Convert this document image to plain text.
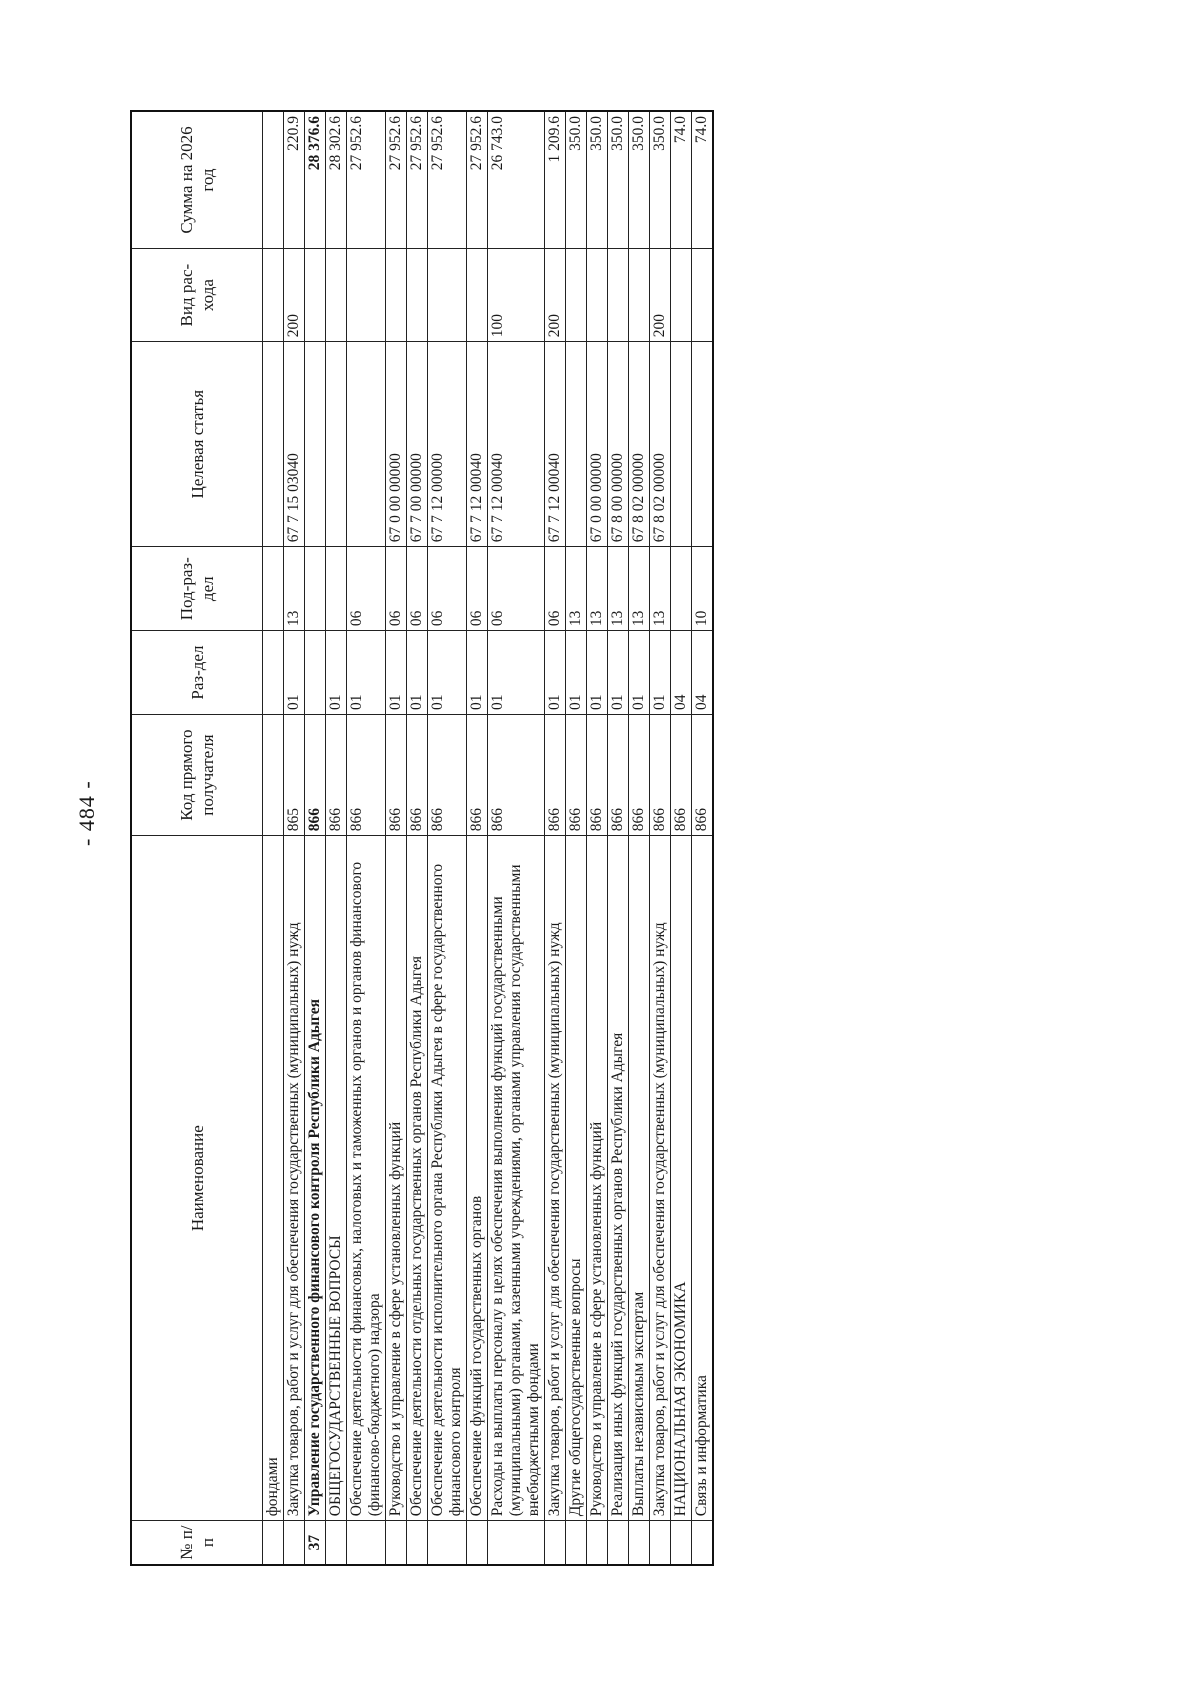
- 484 -
№ п/п	Наименование	Код прямого получателя	Раз-дел	Под-раз-дел	Целевая статья	Вид рас-хода	Сумма на 2026 год
	фондами						
	Закупка товаров, работ и услуг для обеспечения государственных (муниципальных) нужд	865	01	13	67 7 15 03040	200	220.9
37	Управление государственного финансового контроля Республики Адыгея	866					28 376.6
	ОБЩЕГОСУДАРСТВЕННЫЕ ВОПРОСЫ	866	01				28 302.6
	Обеспечение деятельности финансовых, налоговых и таможенных органов и органов финансового (финансово-бюджетного) надзора	866	01	06			27 952.6
	Руководство и управление в сфере установленных функций	866	01	06	67 0 00 00000		27 952.6
	Обеспечение деятельности отдельных государственных органов Республики Адыгея	866	01	06	67 7 00 00000		27 952.6
	Обеспечение деятельности исполнительного органа Республики Адыгея в сфере государственного финансового контроля	866	01	06	67 7 12 00000		27 952.6
	Обеспечение функций государственных органов	866	01	06	67 7 12 00040		27 952.6
	Расходы на выплаты персоналу в целях обеспечения выполнения функций государственными (муниципальными) органами, казенными учреждениями, органами управления государственными внебюджетными фондами	866	01	06	67 7 12 00040	100	26 743.0
	Закупка товаров, работ и услуг для обеспечения государственных (муниципальных) нужд	866	01	06	67 7 12 00040	200	1 209.6
	Другие общегосударственные вопросы	866	01	13			350.0
	Руководство и управление в сфере установленных функций	866	01	13	67 0 00 00000		350.0
	Реализация иных функций государственных органов Республики Адыгея	866	01	13	67 8 00 00000		350.0
	Выплаты независимым экспертам	866	01	13	67 8 02 00000		350.0
	Закупка товаров, работ и услуг для обеспечения государственных (муниципальных) нужд	866	01	13	67 8 02 00000	200	350.0
	НАЦИОНАЛЬНАЯ ЭКОНОМИКА	866	04				74.0
	Связь и информатика	866	04	10			74.0
